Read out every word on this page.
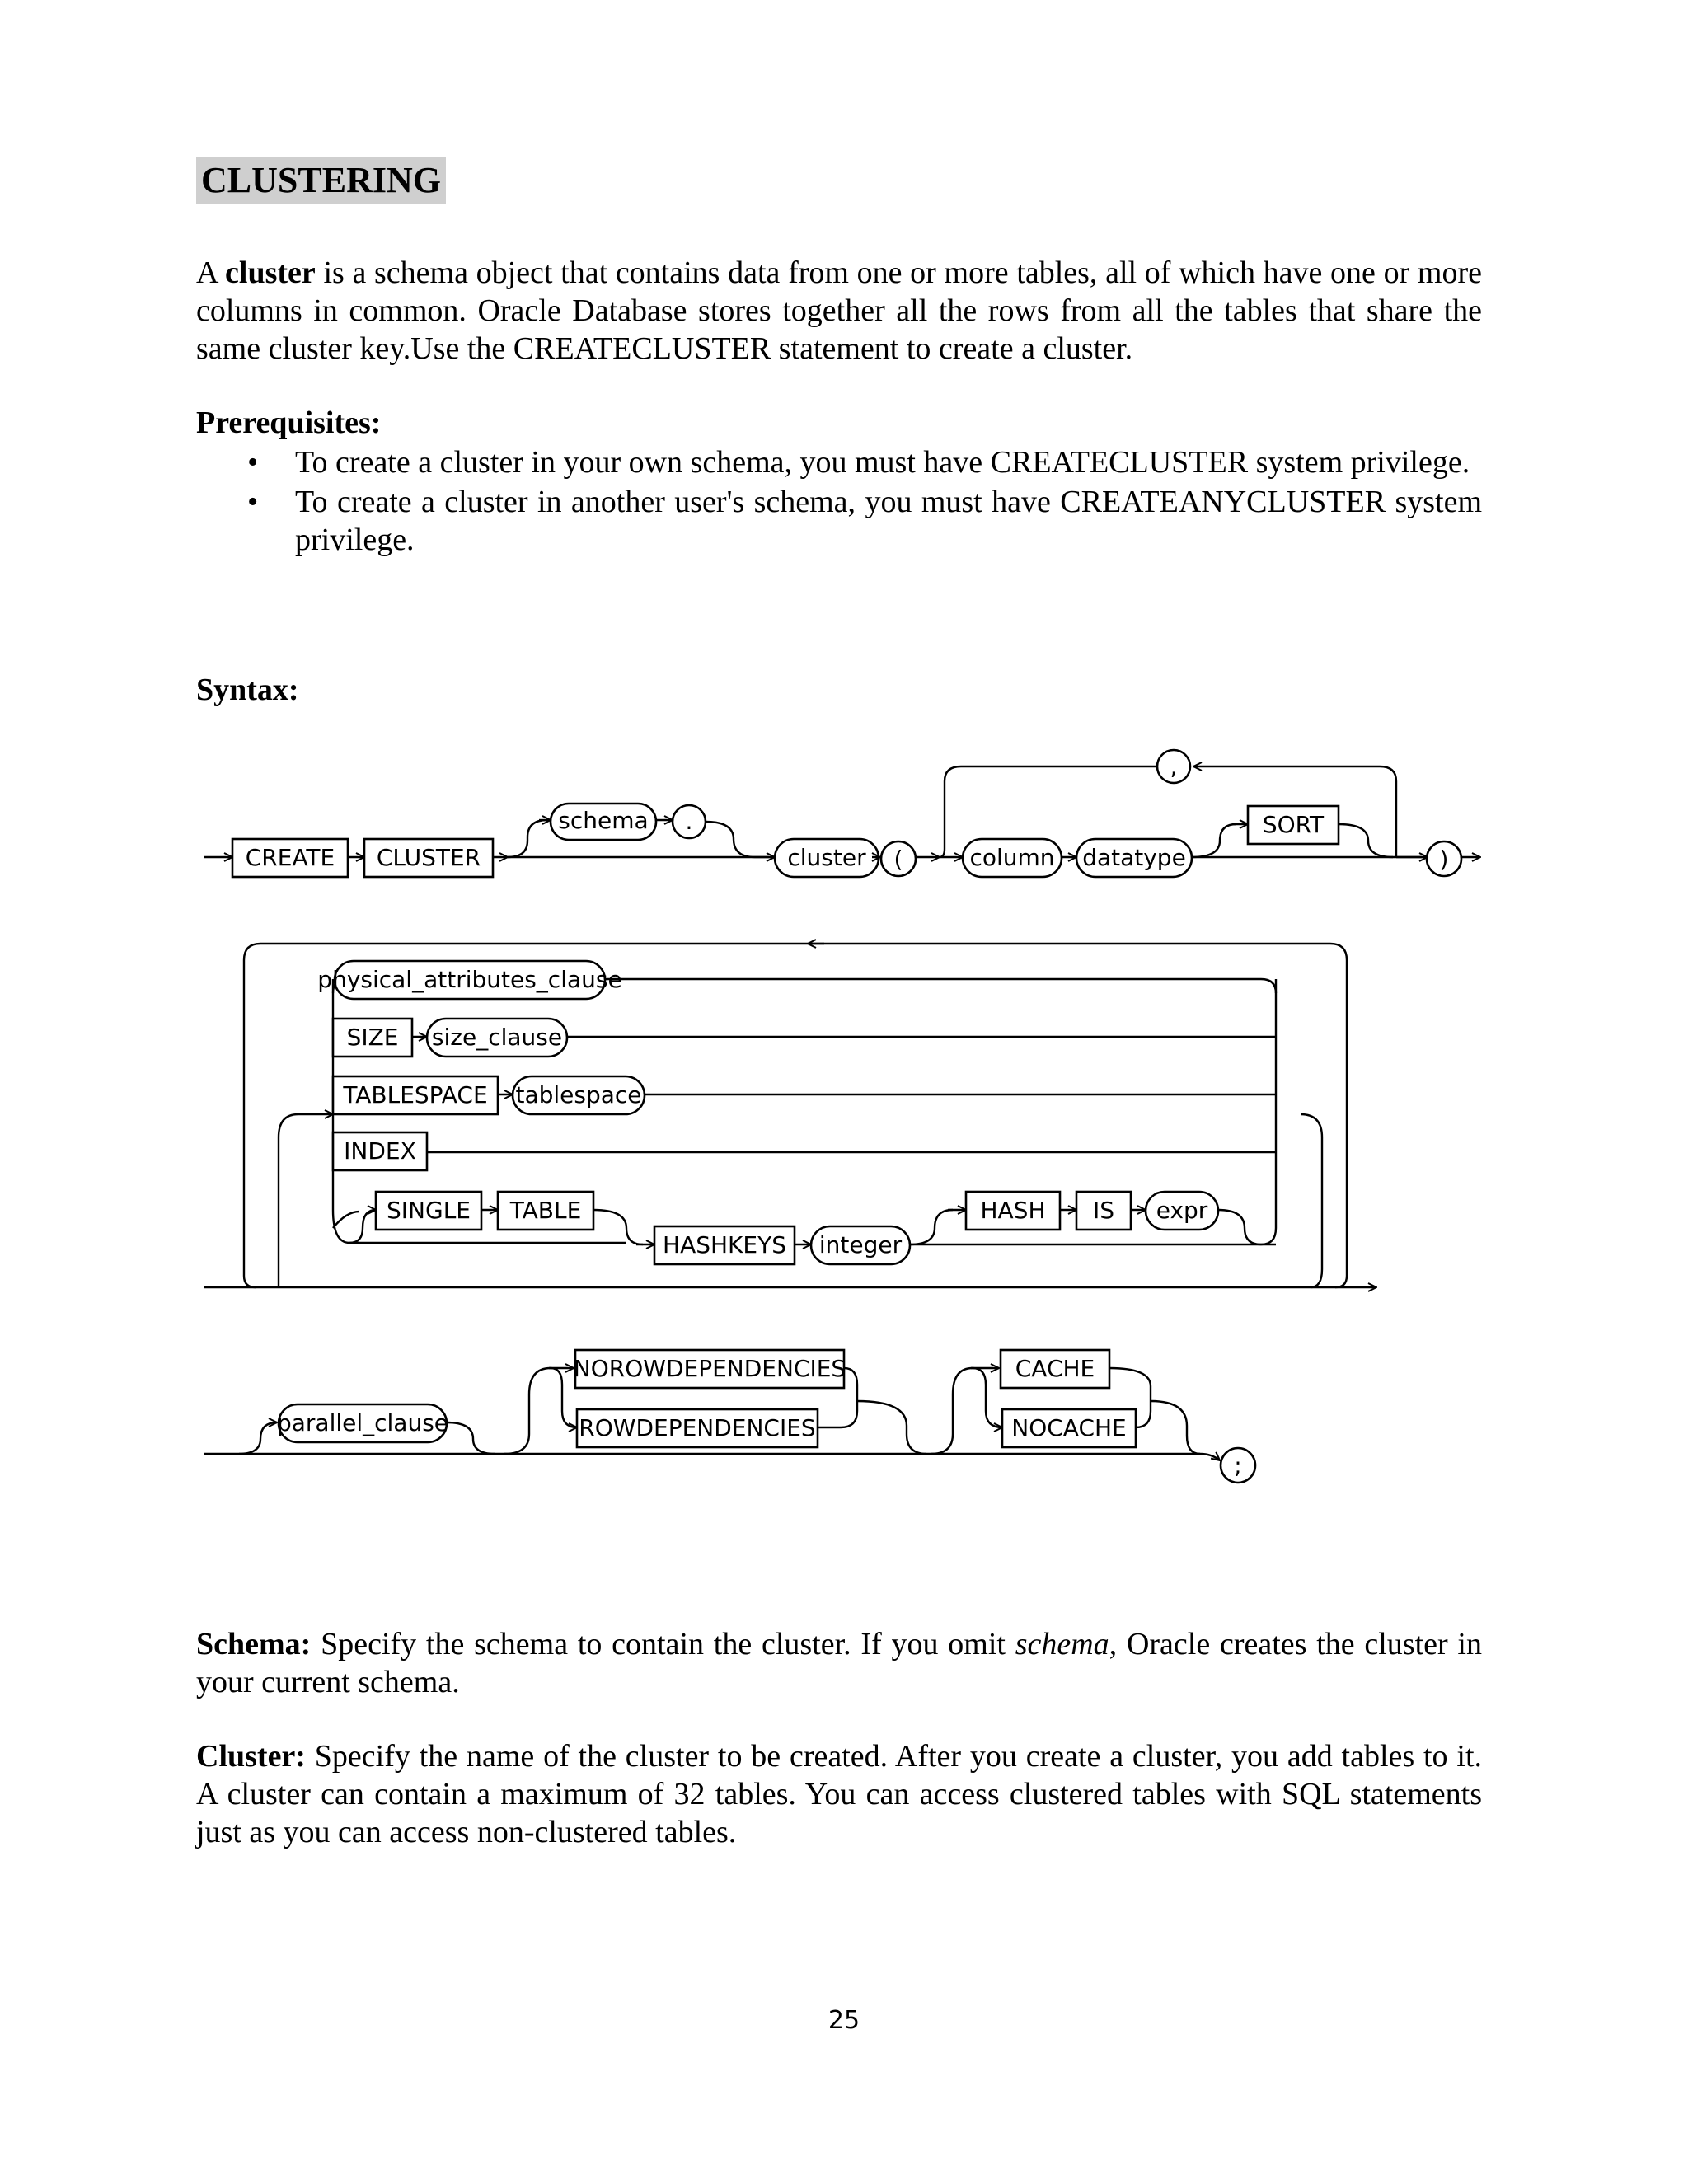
CLUSTERING
A cluster is a schema object that contains data from one or more tables, all of which have one or more columns in common. Oracle Database stores together all the rows from all the tables that share the same cluster key.Use the CREATECLUSTER statement to create a cluster.
Prerequisites:
• To create a cluster in your own schema, you must have CREATECLUSTER system privilege.
• To create a cluster in another user's schema, you must have CREATEANYCLUSTER system privilege.
Syntax:
CREATE CLUSTER
schema .
cluster (
,
column datatype
SORT
)
physical_attributes_clause
SIZE size_clause
TABLESPACE tablespace
INDEX
SINGLE TABLE
HASHKEYS integer
HASH IS expr
parallel_clause
NOROWDEPENDENCIES
ROWDEPENDENCIES
CACHE
NOCACHE
;
Schema: Specify the schema to contain the cluster. If you omit schema, Oracle creates the cluster in your current schema.
Cluster: Specify the name of the cluster to be created. After you create a cluster, you add tables to it. A cluster can contain a maximum of 32 tables. You can access clustered tables with SQL statements just as you can access non-clustered tables.
25
